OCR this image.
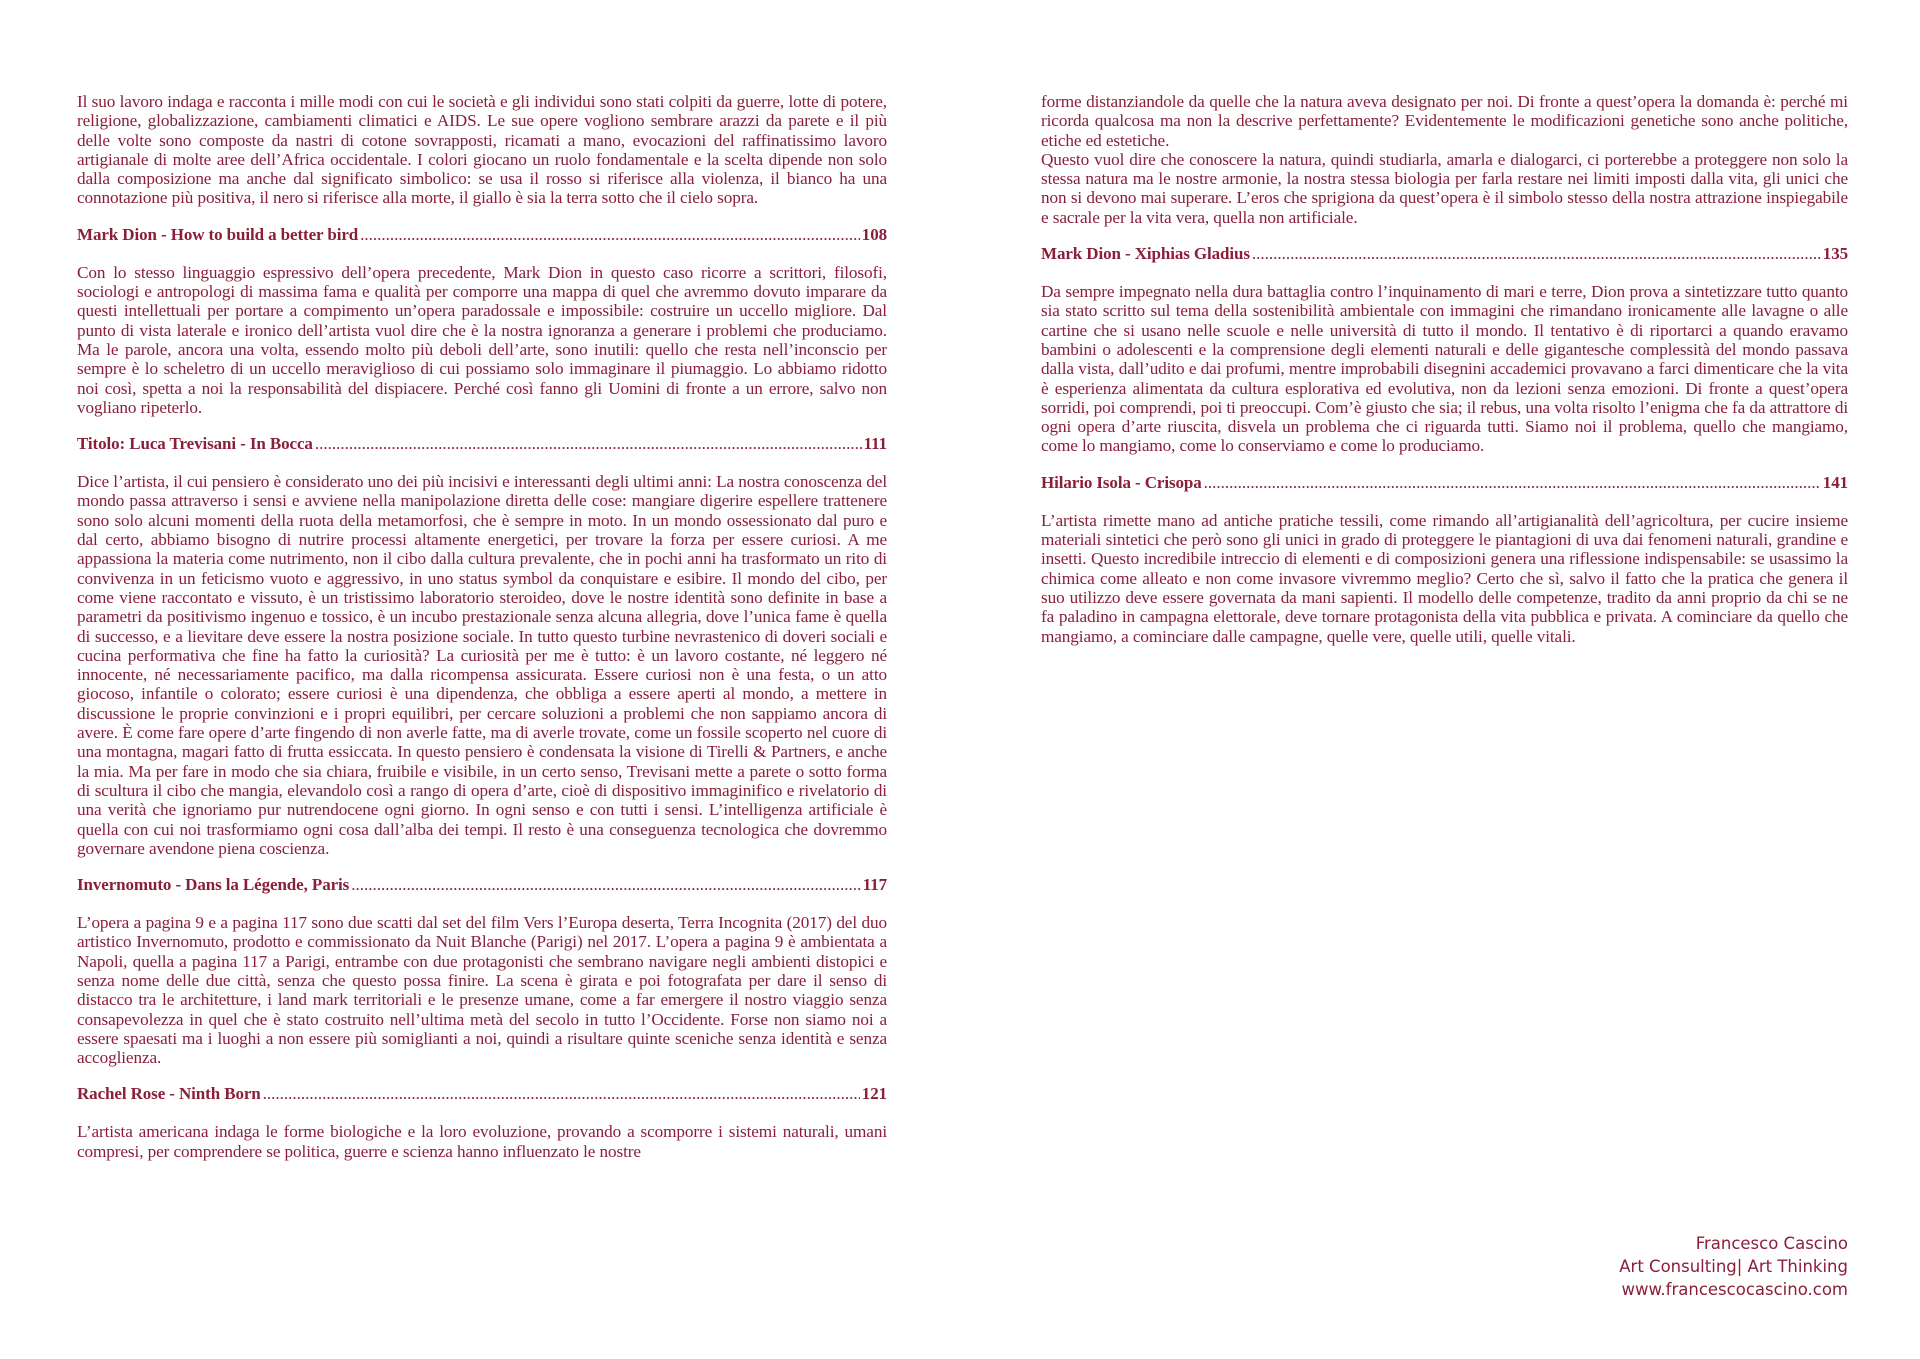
Il suo lavoro indaga e racconta i mille modi con cui le società e gli individui sono stati colpiti da guerre, lotte di potere, religione, globalizzazione, cambiamenti climatici e AIDS. Le sue opere vogliono sembrare arazzi da parete e il più delle volte sono composte da nastri di cotone sovrapposti, ricamati a mano, evocazioni del raffinatissimo lavoro artigianale di molte aree dell’Africa occidentale. I colori giocano un ruolo fondamentale e la scelta dipende non solo dalla composizione ma anche dal significato simbolico: se usa il rosso si riferisce alla violenza, il bianco ha una connotazione più positiva, il nero si riferisce alla morte, il giallo è sia la terra sotto che il cielo sopra.

Mark Dion - How to build a better bird .....	108

Con lo stesso linguaggio espressivo dell’opera precedente, Mark Dion in questo caso ricorre a scrittori, filosofi, sociologi e antropologi di massima fama e qualità per comporre una mappa di quel che avremmo dovuto imparare da questi intellettuali per portare a compimento un’opera paradossale e impossibile: costruire un uccello migliore. Dal punto di vista laterale e ironico dell’artista vuol dire che è la nostra ignoranza a generare i problemi che produciamo. Ma le parole, ancora una volta, essendo molto più deboli dell’arte, sono inutili: quello che resta nell’inconscio per sempre è lo scheletro di un uccello meraviglioso di cui possiamo solo immaginare il piumaggio. Lo abbiamo ridotto noi così, spetta a noi la responsabilità del dispiacere. Perché così fanno gli Uomini di fronte a un errore, salvo non vogliano ripeterlo.

Titolo: Luca Trevisani - In Bocca .....	111

Dice l’artista, il cui pensiero è considerato uno dei più incisivi e interessanti degli ultimi anni: La nostra conoscenza del mondo passa attraverso i sensi e avviene nella manipolazione diretta delle cose: mangiare digerire espellere trattenere sono solo alcuni momenti della ruota della metamorfosi, che è sempre in moto. In un mondo ossessionato dal puro e dal certo, abbiamo bisogno di nutrire processi altamente energetici, per trovare la forza per essere curiosi. A me appassiona la materia come nutrimento, non il cibo dalla cultura prevalente, che in pochi anni ha trasformato un rito di convivenza in un feticismo vuoto e aggressivo, in uno status symbol da conquistare e esibire. Il mondo del cibo, per come viene raccontato e vissuto, è un tristissimo laboratorio steroideo, dove le nostre identità sono definite in base a parametri da positivismo ingenuo e tossico, è un incubo prestazionale senza alcuna allegria, dove l’unica fame è quella di successo, e a lievitare deve essere la nostra posizione sociale. In tutto questo turbine nevrastenico di doveri sociali e cucina performativa che fine ha fatto la curiosità? La curiosità per me è tutto: è un lavoro costante, né leggero né innocente, né necessariamente pacifico, ma dalla ricompensa assicurata. Essere curiosi non è una festa, o un atto giocoso, infantile o colorato; essere curiosi è una dipendenza, che obbliga a essere aperti al mondo, a mettere in discussione le proprie convinzioni e i propri equilibri, per cercare soluzioni a problemi che non sappiamo ancora di avere. È come fare opere d’arte fingendo di non averle fatte, ma di averle trovate, come un fossile scoperto nel cuore di una montagna, magari fatto di frutta essiccata. In questo pensiero è condensata la visione di Tirelli & Partners, e anche la mia. Ma per fare in modo che sia chiara, fruibile e visibile, in un certo senso, Trevisani mette a parete o sotto forma di scultura il cibo che mangia, elevandolo così a rango di opera d’arte, cioè di dispositivo immaginifico e rivelatorio di una verità che ignoriamo pur nutrendocene ogni giorno. In ogni senso e con tutti i sensi. L’intelligenza artificiale è quella con cui noi trasformiamo ogni cosa dall’alba dei tempi. Il resto è una conseguenza tecnologica che dovremmo governare avendone piena coscienza.

Invernomuto - Dans la Légende, Paris .....	117

L’opera a pagina 9 e a pagina 117 sono due scatti dal set del film Vers l’Europa deserta, Terra Incognita (2017) del duo artistico Invernomuto, prodotto e commissionato da Nuit Blanche (Parigi) nel 2017. L’opera a pagina 9 è ambientata a Napoli, quella a pagina 117 a Parigi, entrambe con due protagonisti che sembrano navigare negli ambienti distopici e senza nome delle due città, senza che questo possa finire. La scena è girata e poi fotografata per dare il senso di distacco tra le architetture, i land mark territoriali e le presenze umane, come a far emergere il nostro viaggio senza consapevolezza in quel che è stato costruito nell’ultima metà del secolo in tutto l’Occidente. Forse non siamo noi a essere spaesati ma i luoghi a non essere più somiglianti a noi, quindi a risultare quinte sceniche senza identità e senza accoglienza.

Rachel Rose - Ninth Born .....	121

L’artista americana indaga le forme biologiche e la loro evoluzione, provando a scomporre i sistemi naturali, umani compresi, per comprendere se politica, guerre e scienza hanno influenzato le nostre

forme distanziandole da quelle che la natura aveva designato per noi. Di fronte a quest’opera la domanda è: perché mi ricorda qualcosa ma non la descrive perfettamente? Evidentemente le modificazioni genetiche sono anche politiche, etiche ed estetiche.

Questo vuol dire che conoscere la natura, quindi studiarla, amarla e dialogarci, ci porterebbe a proteggere non solo la stessa natura ma le nostre armonie, la nostra stessa biologia per farla restare nei limiti imposti dalla vita, gli unici che non si devono mai superare. L’eros che sprigiona da quest’opera è il simbolo stesso della nostra attrazione inspiegabile e sacrale per la vita vera, quella non artificiale.

Mark Dion - Xiphias Gladius .....	135

Da sempre impegnato nella dura battaglia contro l’inquinamento di mari e terre, Dion prova a sintetizzare tutto quanto sia stato scritto sul tema della sostenibilità ambientale con immagini che rimandano ironicamente alle lavagne o alle cartine che si usano nelle scuole e nelle università di tutto il mondo. Il tentativo è di riportarci a quando eravamo bambini o adolescenti e la comprensione degli elementi naturali e delle gigantesche complessità del mondo passava dalla vista, dall’udito e dai profumi, mentre improbabili disegnini accademici provavano a farci dimenticare che la vita è esperienza alimentata da cultura esplorativa ed evolutiva, non da lezioni senza emozioni. Di fronte a quest’opera sorridi, poi comprendi, poi ti preoccupi. Com’è giusto che sia; il rebus, una volta risolto l’enigma che fa da attrattore di ogni opera d’arte riuscita, disvela un problema che ci riguarda tutti. Siamo noi il problema, quello che mangiamo, come lo mangiamo, come lo conserviamo e come lo produciamo.

Hilario Isola - Crisopa .....	141

L’artista rimette mano ad antiche pratiche tessili, come rimando all’artigianalità dell’agricoltura, per cucire insieme materiali sintetici che però sono gli unici in grado di proteggere le piantagioni di uva dai fenomeni naturali, grandine e insetti. Questo incredibile intreccio di elementi e di composizioni genera una riflessione indispensabile: se usassimo la chimica come alleato e non come invasore vivremmo meglio? Certo che sì, salvo il fatto che la pratica che genera il suo utilizzo deve essere governata da mani sapienti. Il modello delle competenze, tradito da anni proprio da chi se ne fa paladino in campagna elettorale, deve tornare protagonista della vita pubblica e privata. A cominciare da quello che mangiamo, a cominciare dalle campagne, quelle vere, quelle utili, quelle vitali.

Francesco Cascino
Art Consulting| Art Thinking
www.francescocascino.com
